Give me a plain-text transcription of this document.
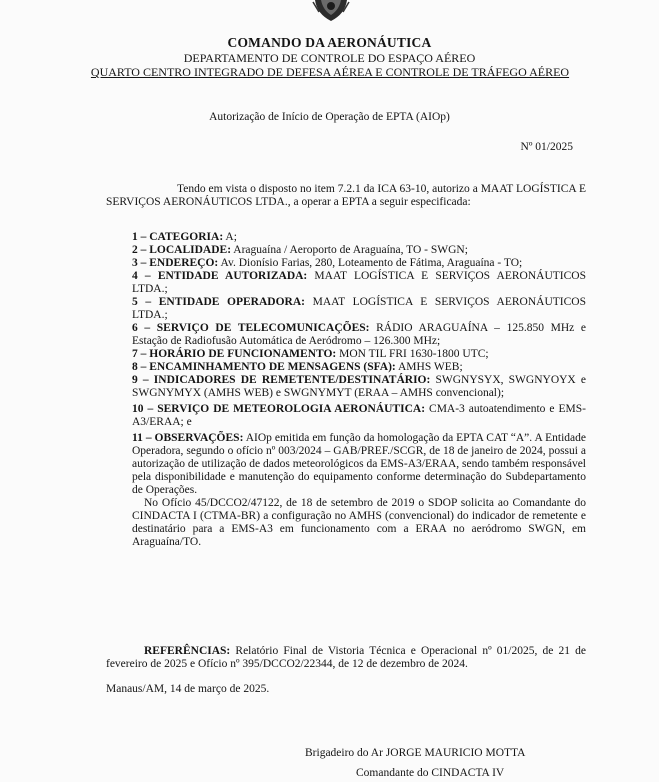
COMANDO DA AERONÁUTICA
DEPARTAMENTO DE CONTROLE DO ESPAÇO AÉREO
QUARTO CENTRO INTEGRADO DE DEFESA AÉREA E CONTROLE DE TRÁFEGO AÉREO
Autorização de Início de Operação de EPTA (AIOp)
Nº 01/2025

Tendo em vista o disposto no item 7.2.1 da ICA 63-10, autorizo a MAAT LOGÍSTICA E SERVIÇOS AERONÁUTICOS LTDA., a operar a EPTA a seguir especificada:

1 – CATEGORIA: A;

2 – LOCALIDADE: Araguaína / Aeroporto de Araguaína, TO - SWGN;

3 – ENDEREÇO: Av. Dionísio Farias, 280, Loteamento de Fátima, Araguaína - TO;

4 – ENTIDADE AUTORIZADA: MAAT LOGÍSTICA E SERVIÇOS AERONÁUTICOS LTDA.;

5 – ENTIDADE OPERADORA: MAAT LOGÍSTICA E SERVIÇOS AERONÁUTICOS LTDA.;

6 – SERVIÇO DE TELECOMUNICAÇÕES: RÁDIO ARAGUAÍNA – 125.850 MHz e Estação de Radiofusão Automática de Aeródromo – 126.300 MHz;

7 – HORÁRIO DE FUNCIONAMENTO: MON TIL FRI 1630-1800 UTC;

8 – ENCAMINHAMENTO DE MENSAGENS (SFA): AMHS WEB;

9 – INDICADORES DE REMETENTE/DESTINATÁRIO: SWGNYSYX, SWGNYOYX e SWGNYMYX (AMHS WEB) e SWGNYMYT (ERAA – AMHS convencional);

10 – SERVIÇO DE METEOROLOGIA AERONÁUTICA: CMA-3 autoatendimento e EMS-A3/ERAA; e

11 – OBSERVAÇÕES: AIOp emitida em função da homologação da EPTA CAT “A”. A Entidade Operadora, segundo o ofício nº 003/2024 – GAB/PREF./SCGR, de 18 de janeiro de 2024, possui a autorização de utilização de dados meteorológicos da EMS-A3/ERAA, sendo também responsável pela disponibilidade e manutenção do equipamento conforme determinação do Subdepartamento de Operações.

No Ofício 45/DCCO2/47122, de 18 de setembro de 2019 o SDOP solicita ao Comandante do CINDACTA I (CTMA-BR) a configuração no AMHS (convencional) do indicador de remetente e destinatário para a EMS-A3 em funcionamento com a ERAA no aeródromo SWGN, em Araguaína/TO.

REFERÊNCIAS: Relatório Final de Vistoria Técnica e Operacional nº 01/2025, de 21 de fevereiro de 2025 e Ofício nº 395/DCCO2/22344, de 12 de dezembro de 2024.

Manaus/AM, 14 de março de 2025.
Brigadeiro do Ar JORGE MAURICIO MOTTA
Comandante do CINDACTA IV
